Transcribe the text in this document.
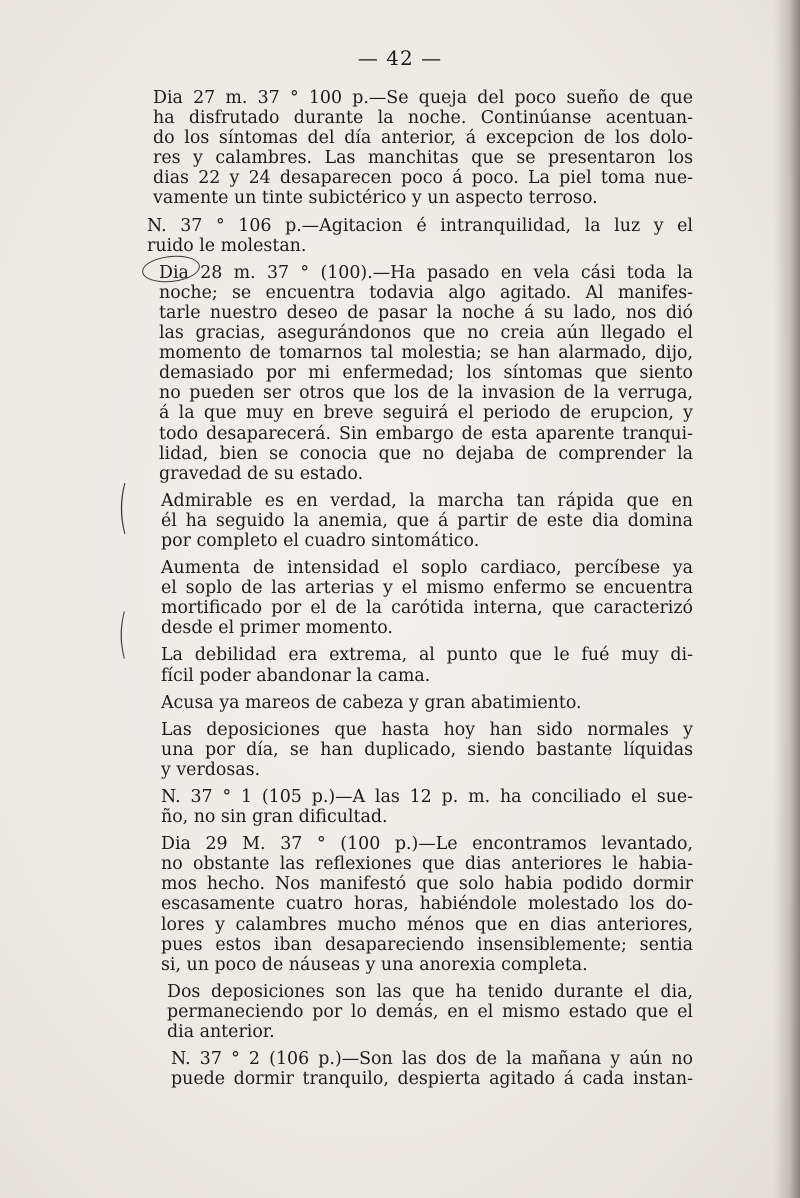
— 42 —

Dia 27 m. 37 ° 100 p.—Se queja del poco sueño de que
ha disfrutado durante la noche. Continúanse acentuan-
do los síntomas del día anterior, á excepcion de los dolo-
res y calambres. Las manchitas que se presentaron los
dias 22 y 24 desaparecen poco á poco. La piel toma nue-
vamente un tinte subictérico y un aspecto terroso.

N. 37 ° 106 p.—Agitacion é intranquilidad, la luz y el
ruido le molestan.

Dia 28 m. 37 ° (100).—Ha pasado en vela cási toda la
noche; se encuentra todavia algo agitado. Al manifes-
tarle nuestro deseo de pasar la noche á su lado, nos dió
las gracias, asegurándonos que no creia aún llegado el
momento de tomarnos tal molestia; se han alarmado, dijo,
demasiado por mi enfermedad; los síntomas que siento
no pueden ser otros que los de la invasion de la verruga,
á la que muy en breve seguirá el periodo de erupcion, y
todo desaparecerá. Sin embargo de esta aparente tranqui-
lidad, bien se conocia que no dejaba de comprender la
gravedad de su estado.

Admirable es en verdad, la marcha tan rápida que en
él ha seguido la anemia, que á partir de este dia domina
por completo el cuadro sintomático.

Aumenta de intensidad el soplo cardiaco, percíbese ya
el soplo de las arterias y el mismo enfermo se encuentra
mortificado por el de la carótida interna, que caracterizó
desde el primer momento.

La debilidad era extrema, al punto que le fué muy di-
fícil poder abandonar la cama.

Acusa ya mareos de cabeza y gran abatimiento.

Las deposiciones que hasta hoy han sido normales y
una por día, se han duplicado, siendo bastante líquidas
y verdosas.

N. 37 ° 1 (105 p.)—A las 12 p. m. ha conciliado el sue-
ño, no sin gran dificultad.

Dia 29 M. 37 ° (100 p.)—Le encontramos levantado,
no obstante las reflexiones que dias anteriores le habia-
mos hecho. Nos manifestó que solo habia podido dormir
escasamente cuatro horas, habiéndole molestado los do-
lores y calambres mucho ménos que en dias anteriores,
pues estos iban desapareciendo insensiblemente; sentia
si, un poco de náuseas y una anorexia completa.

Dos deposiciones son las que ha tenido durante el dia,
permaneciendo por lo demás, en el mismo estado que el
dia anterior.

N. 37 ° 2 (106 p.)—Son las dos de la mañana y aún no
puede dormir tranquilo, despierta agitado á cada instan-

(
(
